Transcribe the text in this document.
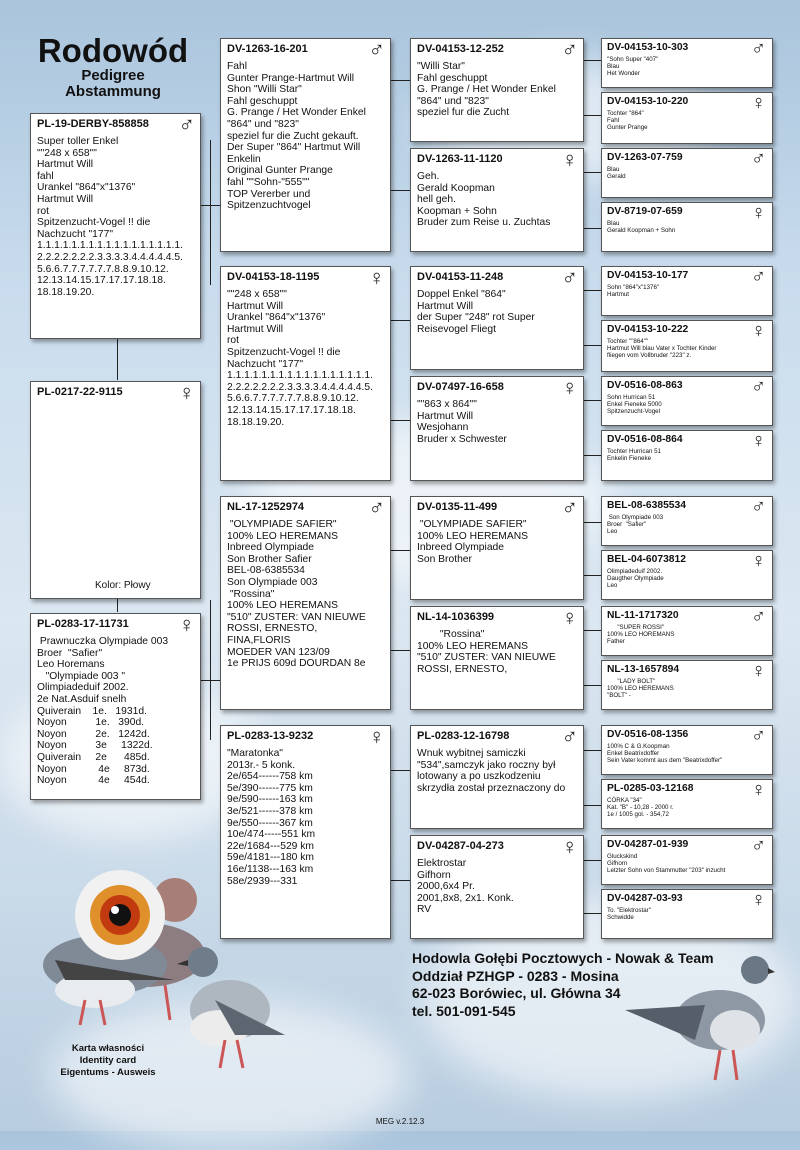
Rodowód
Pedigree
Abstammung
PL-19-DERBY-858858	♂
Super toller Enkel
""248 x 658""
Hartmut Will
fahl
Urankel "864"x"1376"
Hartmut Will
rot
Spitzenzucht-Vogel !! die
Nachzucht "177"
1.1.1.1.1.1.1.1.1.1.1.1.1.1.1.1.1.
2.2.2.2.2.2.2.3.3.3.3.4.4.4.4.4.5.
5.6.6.7.7.7.7.7.7.8.8.9.10.12.
12.13.14.15.17.17.17.18.18.
18.18.19.20.
PL-0217-22-9115	♀
Kolor: Płowy
PL-0283-17-11731	♀
Prawnuczka Olympiade 003
Broer  "Safier"
Leo Horemans
"Olympiade 003 "
Olimpiadeduif 2002.
2e Nat.Asduif snelh
Quiverain    1e.   1931d.
Noyon          1e.   390d.
Noyon          2e.   1242d.
Noyon          3e     1322d.
Quiverain     2e      485d.
Noyon           4e     873d.
Noyon           4e     454d.
DV-1263-16-201	♂
Fahl
Gunter Prange-Hartmut Will
Shon "Willi Star"
Fahl geschuppt
G. Prange / Het Wonder Enkel
"864" und "823"
speziel fur die Zucht gekauft.
Der Super "864" Hartmut Will
Enkelin
Original Gunter Prange
fahl ""Sohn-"555""
TOP Vererber und
Spitzenzuchtvogel
DV-04153-18-1195	♀
""248 x 658""
Hartmut Will
Urankel "864"x"1376"
Hartmut Will
rot
Spitzenzucht-Vogel !! die
Nachzucht "177"
1.1.1.1.1.1.1.1.1.1.1.1.1.1.1.1.1.
2.2.2.2.2.2.2.3.3.3.3.4.4.4.4.4.5.
5.6.6.7.7.7.7.7.7.8.8.9.10.12.
12.13.14.15.17.17.17.18.18.
18.18.19.20.
NL-17-1252974	♂
"OLYMPIADE SAFIER"
100% LEO HEREMANS
Inbreed Olympiade
Son Brother Safier
BEL-08-6385534
Son Olympiade 003
"Rossina"
100% LEO HEREMANS
"510" ZUSTER: VAN NIEUWE
ROSSI, ERNESTO,
FINA,FLORIS
MOEDER VAN 123/09
1e PRIJS 609d DOURDAN 8e
PL-0283-13-9232	♀
"Maratonka"
2013r.- 5 konk.
2e/654------758 km
5e/390------775 km
9e/590------163 km
3e/521------378 km
9e/550------367 km
10e/474-----551 km
22e/1684---529 km
59e/4181---180 km
16e/1138---163 km
58e/2939---331
DV-04153-12-252	♂
"Willi Star"
Fahl geschuppt
G. Prange / Het Wonder Enkel
"864" und "823"
speziel fur die Zucht
DV-1263-11-1120	♀
Geh.
Gerald Koopman
hell geh.
Koopman + Sohn
Bruder zum Reise u. Zuchtas
DV-04153-11-248	♂
Doppel Enkel "864"
Hartmut Will
der Super "248" rot Super
Reisevogel Fliegt
DV-07497-16-658	♀
""863 x 864""
Hartmut Will
Wesjohann
Bruder x Schwester
DV-0135-11-499	♂
"OLYMPIADE SAFIER"
100% LEO HEREMANS
Inbreed Olympiade
Son Brother
NL-14-1036399	♀
"Rossina"
100% LEO HEREMANS
"510" ZUSTER: VAN NIEUWE
ROSSI, ERNESTO,
PL-0283-12-16798	♂
Wnuk wybitnej samiczki
"534",samczyk jako roczny był
lotowany a po uszkodzeniu
skrzydła został przeznaczony do
DV-04287-04-273	♀
Elektrostar
Gifhorn
2000,6x4 Pr.
2001,8x8, 2x1. Konk.
RV
DV-04153-10-303	♂
"Sohn Super "407"
Blau
Het Wonder
DV-04153-10-220	♀
Tochter "864"
Fahl
Gunter Prange
DV-1263-07-759	♂
Blau
Gerald
DV-8719-07-659	♀
Blau
Gerald Koopman + Sohn
DV-04153-10-177	♂
Sohn "864"x"1376"
Hartmut
DV-04153-10-222	♀
Tochter ""864""
Hartmut Will blau Vater x Tochter Kinder
fliegen vom Vollbruder "223" z.
DV-0516-08-863	♂
Sohn Hurrican 51
Enkel Fieneke 5000
Spitzenzucht-Vogel
DV-0516-08-864	♀
Tochter Hurrican 51
Enkelin Fieneke
BEL-08-6385534	♂
Son Olympiade 003
Broer  "Safier"
Leo
BEL-04-6073812	♀
Olimpiadeduif 2002.
Daugther Olympiade
Leo
NL-11-1717320	♂
"SUPER ROSSI"
100% LEO HOREMANS
Father
NL-13-1657894	♀
"LADY BOLT"
100% LEO HEREMANS
"BOLT" -
DV-0516-08-1356	♂
100% C & G.Koopman
Enkel Beatrixdoffer
Sein Vater kommt aus dem "Beatrixdoffer"
PL-0285-03-12168	♀
CÓRKA "34"
Kat. "B" - 10,28 - 2000 r.
1e / 1005 gol. - 354,72
DV-04287-01-939	♂
Gluckskind
Gifhorn
Letzter Sohn von Stammutter "203" inzucht
DV-04287-03-93	♀
To. "Elektrostar"
Schwidde
Hodowla Gołębi Pocztowych - Nowak & Team
Oddział PZHGP - 0283 - Mosina
62-023 Borówiec, ul. Główna 34
tel. 501-091-545
Karta własności
Identity card
Eigentums - Ausweis
MEG v.2.12.3
